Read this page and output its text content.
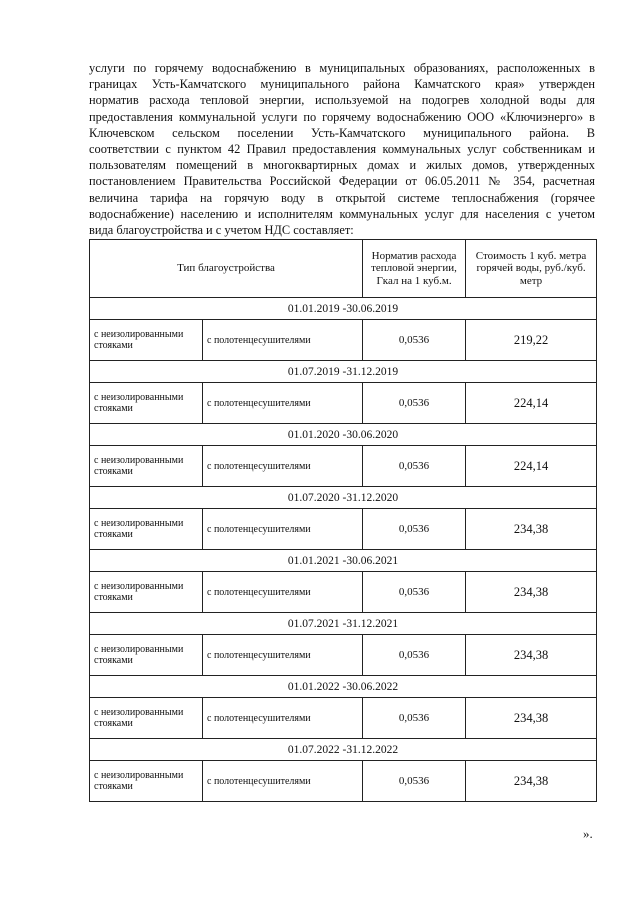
услуги по горячему водоснабжению в муниципальных образованиях, расположенных в
границах Усть-Камчатского муниципального района Камчатского края» утвержден
норматив расхода тепловой энергии, используемой на подогрев холодной воды для
предоставления коммунальной услуги по горячему водоснабжению ООО «Ключиэнерго» в
Ключевском сельском поселении Усть-Камчатского муниципального района. В
соответствии с пунктом 42 Правил предоставления коммунальных услуг собственникам и
пользователям помещений в многоквартирных домах и жилых домов, утвержденных
постановлением Правительства Российской Федерации от 06.05.2011 № 354, расчетная
величина тарифа на горячую воду в открытой системе теплоснабжения (горячее
водоснабжение) населению и исполнителям коммунальных услуг для населения с учетом
вида благоустройства и с учетом НДС составляет:

Тип благоустройства		Норматив расхода тепловой энергии, Гкал на 1 куб.м.	Стоимость 1 куб. метра горячей воды, руб./куб. метр
01.01.2019 -30.06.2019			
с неизолированными стояками	с полотенцесушителями	0,0536	219,22
01.07.2019 -31.12.2019			
с неизолированными стояками	с полотенцесушителями	0,0536	224,14
01.01.2020 -30.06.2020			
с неизолированными стояками	с полотенцесушителями	0,0536	224,14
01.07.2020 -31.12.2020			
с неизолированными стояками	с полотенцесушителями	0,0536	234,38
01.01.2021 -30.06.2021			
с неизолированными стояками	с полотенцесушителями	0,0536	234,38
01.07.2021 -31.12.2021			
с неизолированными стояками	с полотенцесушителями	0,0536	234,38
01.01.2022 -30.06.2022			
с неизолированными стояками	с полотенцесушителями	0,0536	234,38
01.07.2022 -31.12.2022			
с неизолированными стояками	с полотенцесушителями	0,0536	234,38
».
